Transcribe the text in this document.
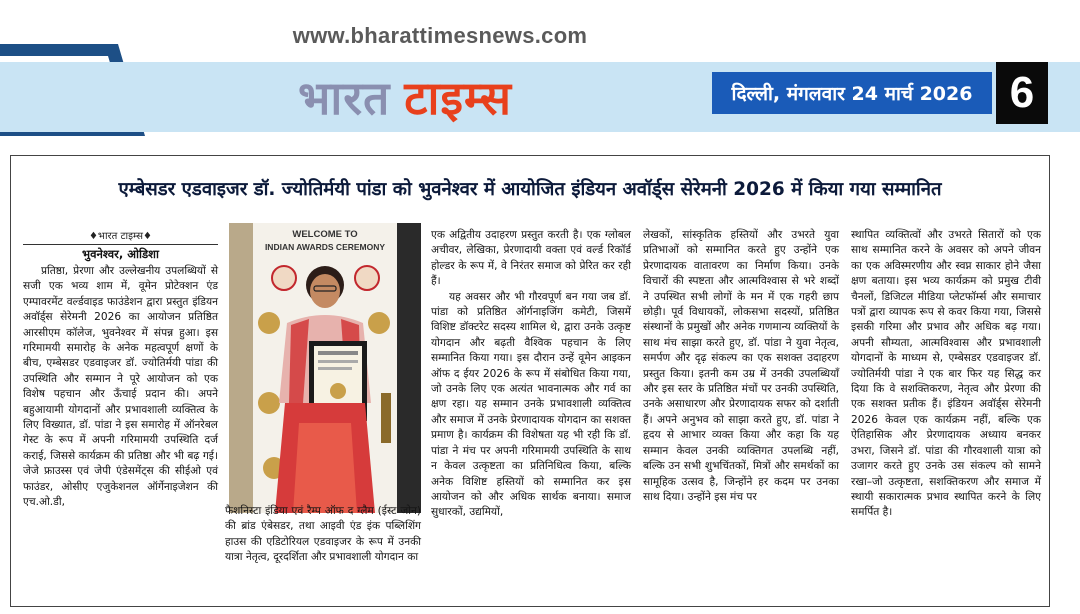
www.bharattimesnews.com
भारत टाइम्स	दिल्ली, मंगलवार 24 मार्च 2026 6
एम्बेसडर एडवाइजर डॉ. ज्योतिर्मयी पांडा को भुवनेश्वर में आयोजित इंडियन अवॉर्ड्स सेरेमनी 2026 में किया गया सम्मानित
♦भारत टाइम्स♦
भुवनेश्वर, ओडिशा

प्रतिष्ठा, प्रेरणा और उल्लेखनीय उपलब्धियों से सजी एक भव्य शाम में, वूमेन प्रोटेक्शन एंड एम्पावरमेंट वर्ल्डवाइड फाउंडेशन द्वारा प्रस्तुत इंडियन अवॉर्ड्स सेरेमनी 2026 का आयोजन प्रतिष्ठित आरसीएम कॉलेज, भुवनेश्वर में संपन्न हुआ। इस गरिमामयी समारोह के अनेक महत्वपूर्ण क्षणों के बीच, एम्बेसडर एडवाइजर डॉ. ज्योतिर्मयी पांडा की उपस्थिति और सम्मान ने पूरे आयोजन को एक विशेष पहचान और ऊँचाई प्रदान की। अपने बहुआयामी योगदानों और प्रभावशाली व्यक्तित्व के लिए विख्यात, डॉ. पांडा ने इस समारोह में ऑनरेबल गेस्ट के रूप में अपनी गरिमामयी उपस्थिति दर्ज कराई, जिससे कार्यक्रम की प्रतिष्ठा और भी बढ़ गई। जेजे फ्राउस्स एवं जेपी एंडेसमेंट्स की सीईओ एवं फाउंडर, ओसीए एजुकेशनल ऑर्गेनाइजेशन की एच.ओ.डी,

WELCOME TO
INDIAN AWARDS CEREMONY

फैशनिस्टा इंडिया एवं रैम्प ऑफ द ग्लैम (ईस्ट जोन) की ब्रांड एंबेसडर, तथा आइवी एंड इंक पब्लिशिंग हाउस की एडिटोरियल एडवाइजर के रूप में उनकी यात्रा नेतृत्व, दूरदर्शिता और प्रभावशाली योगदान का

एक अद्वितीय उदाहरण प्रस्तुत करती है। एक ग्लोबल अचीवर, लेखिका, प्रेरणादायी वक्ता एवं वर्ल्ड रिकॉर्ड होल्डर के रूप में, वे निरंतर समाज को प्रेरित कर रही हैं।

यह अवसर और भी गौरवपूर्ण बन गया जब डॉ. पांडा को प्रतिष्ठित ऑर्गनाइजिंग कमेटी, जिसमें विशिष्ट डॉक्टरेट सदस्य शामिल थे, द्वारा उनके उत्कृष्ट योगदान और बढ़ती वैश्विक पहचान के लिए सम्मानित किया गया। इस दौरान उन्हें वूमेन आइकन ऑफ द ईयर 2026 के रूप में संबोधित किया गया, जो उनके लिए एक अत्यंत भावनात्मक और गर्व का क्षण रहा। यह सम्मान उनके प्रभावशाली व्यक्तित्व और समाज में उनके प्रेरणादायक योगदान का सशक्त प्रमाण है। कार्यक्रम की विशेषता यह भी रही कि डॉ. पांडा ने मंच पर अपनी गरिमामयी उपस्थिति के साथ न केवल उत्कृष्टता का प्रतिनिधित्व किया, बल्कि अनेक विशिष्ट हस्तियों को सम्मानित कर इस आयोजन को और अधिक सार्थक बनाया। समाज सुधारकों, उद्यमियों,

लेखकों, सांस्कृतिक हस्तियों और उभरते युवा प्रतिभाओं को सम्मानित करते हुए उन्होंने एक प्रेरणादायक वातावरण का निर्माण किया। उनके विचारों की स्पष्टता और आत्मविश्वास से भरे शब्दों ने उपस्थित सभी लोगों के मन में एक गहरी छाप छोड़ी। पूर्व विधायकों, लोकसभा सदस्यों, प्रतिष्ठित संस्थानों के प्रमुखों और अनेक गणमान्य व्यक्तियों के साथ मंच साझा करते हुए, डॉ. पांडा ने युवा नेतृत्व, समर्पण और दृढ़ संकल्प का एक सशक्त उदाहरण प्रस्तुत किया। इतनी कम उम्र में उनकी उपलब्धियाँ और इस स्तर के प्रतिष्ठित मंचों पर उनकी उपस्थिति, उनके असाधारण और प्रेरणादायक सफर को दर्शाती हैं। अपने अनुभव को साझा करते हुए, डॉ. पांडा ने हृदय से आभार व्यक्त किया और कहा कि यह सम्मान केवल उनकी व्यक्तिगत उपलब्धि नहीं, बल्कि उन सभी शुभचिंतकों, मित्रों और समर्थकों का सामूहिक उत्सव है, जिन्होंने हर कदम पर उनका साथ दिया। उन्होंने इस मंच पर

स्थापित व्यक्तित्वों और उभरते सितारों को एक साथ सम्मानित करने के अवसर को अपने जीवन का एक अविस्मरणीय और स्वप्न साकार होने जैसा क्षण बताया। इस भव्य कार्यक्रम को प्रमुख टीवी चैनलों, डिजिटल मीडिया प्लेटफॉर्म्स और समाचार पत्रों द्वारा व्यापक रूप से कवर किया गया, जिससे इसकी गरिमा और प्रभाव और अधिक बढ़ गया। अपनी सौम्यता, आत्मविश्वास और प्रभावशाली योगदानों के माध्यम से, एम्बेसडर एडवाइजर डॉ. ज्योतिर्मयी पांडा ने एक बार फिर यह सिद्ध कर दिया कि वे सशक्तिकरण, नेतृत्व और प्रेरणा की एक सशक्त प्रतीक हैं। इंडियन अवॉर्ड्स सेरेमनी 2026 केवल एक कार्यक्रम नहीं, बल्कि एक ऐतिहासिक और प्रेरणादायक अध्याय बनकर उभरा, जिसने डॉ. पांडा की गौरवशाली यात्रा को उजागर करते हुए उनके उस संकल्प को सामने रखा–जो उत्कृष्टता, सशक्तिकरण और समाज में स्थायी सकारात्मक प्रभाव स्थापित करने के लिए समर्पित है।
